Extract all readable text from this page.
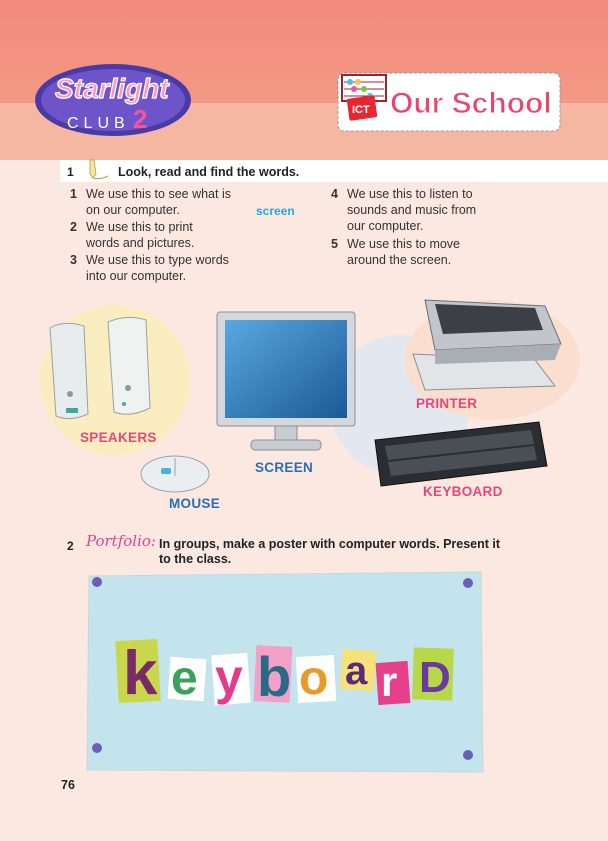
Starlight
CLUB 2	ICT Our School
1	Look, read and find the words.
1 We use this to see what is
on our computer.	screen
2 We use this to print
words and pictures.
3 We use this to type words
into our computer.
4 We use this to listen to
sounds and music from
our computer.
5 We use this to move
around the screen.
SPEAKERS
SCREEN
PRINTER
KEYBOARD
MOUSE
2 Portfolio: In groups, make a poster with computer words. Present it
to the class.
k e y b o a r D
76
